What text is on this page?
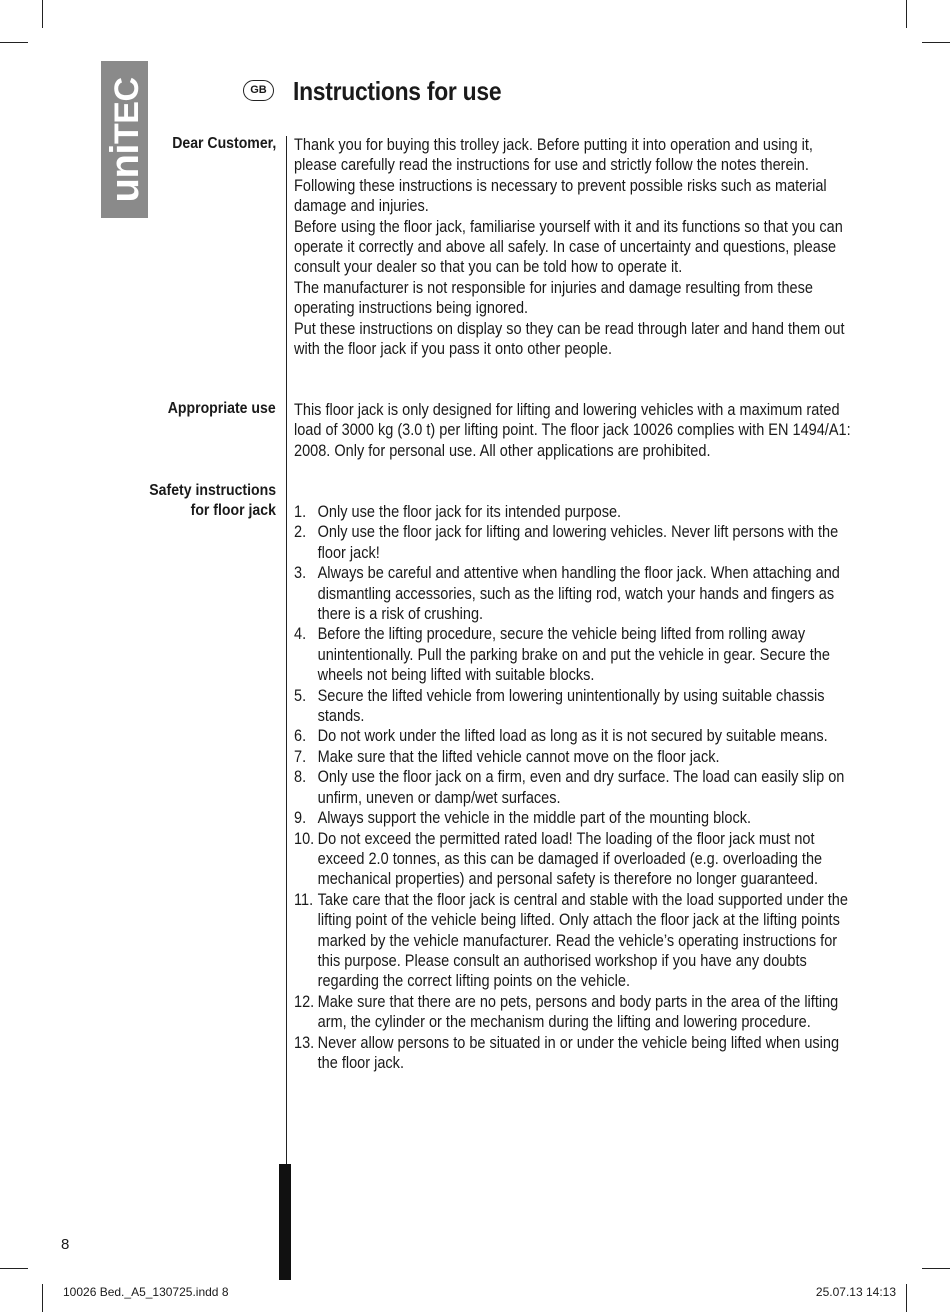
uniTEC	GB Instructions for use

Dear Customer,

Appropriate use

Safety instructions

for floor jack

Thank you for buying this trolley jack. Before putting it into operation and using it, please carefully read the instructions for use and strictly follow the notes therein. Following these instructions is necessary to prevent possible risks such as material damage and injuries.

Before using the floor jack, familiarise yourself with it and its functions so that you can operate it correctly and above all safely. In case of uncertainty and questions, please consult your dealer so that you can be told how to operate it.

The manufacturer is not responsible for injuries and damage resulting from these operating instructions being ignored.

Put these instructions on display so they can be read through later and hand them out with the floor jack if you pass it onto other people.

This floor jack is only designed for lifting and lowering vehicles with a maximum rated load of 3000 kg (3.0 t) per lifting point. The floor jack 10026 complies with EN 1494/A1: 2008. Only for personal use. All other applications are prohibited.

1. Only use the floor jack for its intended purpose.
2. Only use the floor jack for lifting and lowering vehicles. Never lift persons with the floor jack!
3. Always be careful and attentive when handling the floor jack. When attaching and dismantling accessories, such as the lifting rod, watch your hands and fingers as there is a risk of crushing.
4. Before the lifting procedure, secure the vehicle being lifted from rolling away unintentionally. Pull the parking brake on and put the vehicle in gear. Secure the wheels not being lifted with suitable blocks.
5. Secure the lifted vehicle from lowering unintentionally by using suitable chassis stands.
6. Do not work under the lifted load as long as it is not secured by suitable means.
7. Make sure that the lifted vehicle cannot move on the floor jack.
8. Only use the floor jack on a firm, even and dry surface. The load can easily slip on unfirm, uneven or damp/wet surfaces.
9. Always support the vehicle in the middle part of the mounting block.
10. Do not exceed the permitted rated load! The loading of the floor jack must not exceed 2.0 tonnes, as this can be damaged if overloaded (e.g. overloading the mechanical properties) and personal safety is therefore no longer guaranteed.
11. Take care that the floor jack is central and stable with the load supported under the lifting point of the vehicle being lifted. Only attach the floor jack at the lifting points marked by the vehicle manufacturer. Read the vehicle’s operating instructions for this purpose. Please consult an authorised workshop if you have any doubts regarding the correct lifting points on the vehicle.
12. Make sure that there are no pets, persons and body parts in the area of the lifting arm, the cylinder or the mechanism during the lifting and lowering procedure.
13. Never allow persons to be situated in or under the vehicle being lifted when using the floor jack.

8

10026 Bed._A5_130725.indd 8	25.07.13 14:13
